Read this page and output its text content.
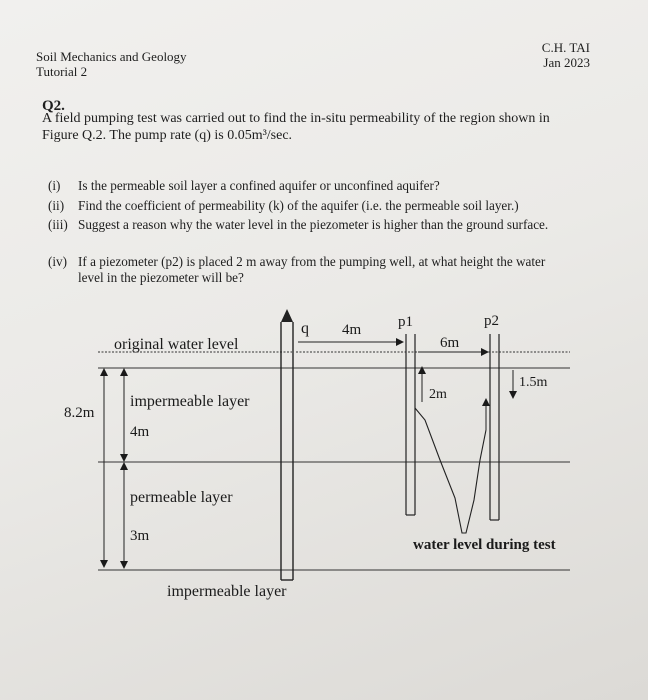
Soil Mechanics and Geology
Tutorial 2
C.H. TAI
Jan 2023
Q2.
A field pumping test was carried out to find the in-situ permeability of the region shown in
Figure Q.2. The pump rate (q) is 0.05m³/sec.
(i) Is the permeable soil layer a confined aquifer or unconfined aquifer?
(ii) Find the coefficient of permeability (k) of the aquifer (i.e. the permeable soil layer.)
(iii) Suggest a reason why the water level in the piezometer is higher than the ground surface.
(iv) If a piezometer (p2) is placed 2 m away from the pumping well, at what height the water level in the piezometer will be?
original water level
q 4m p1	p2
6m
8.2m
impermeable layer
4m
2m
1.5m
permeable layer
3m
water level during test
impermeable layer
